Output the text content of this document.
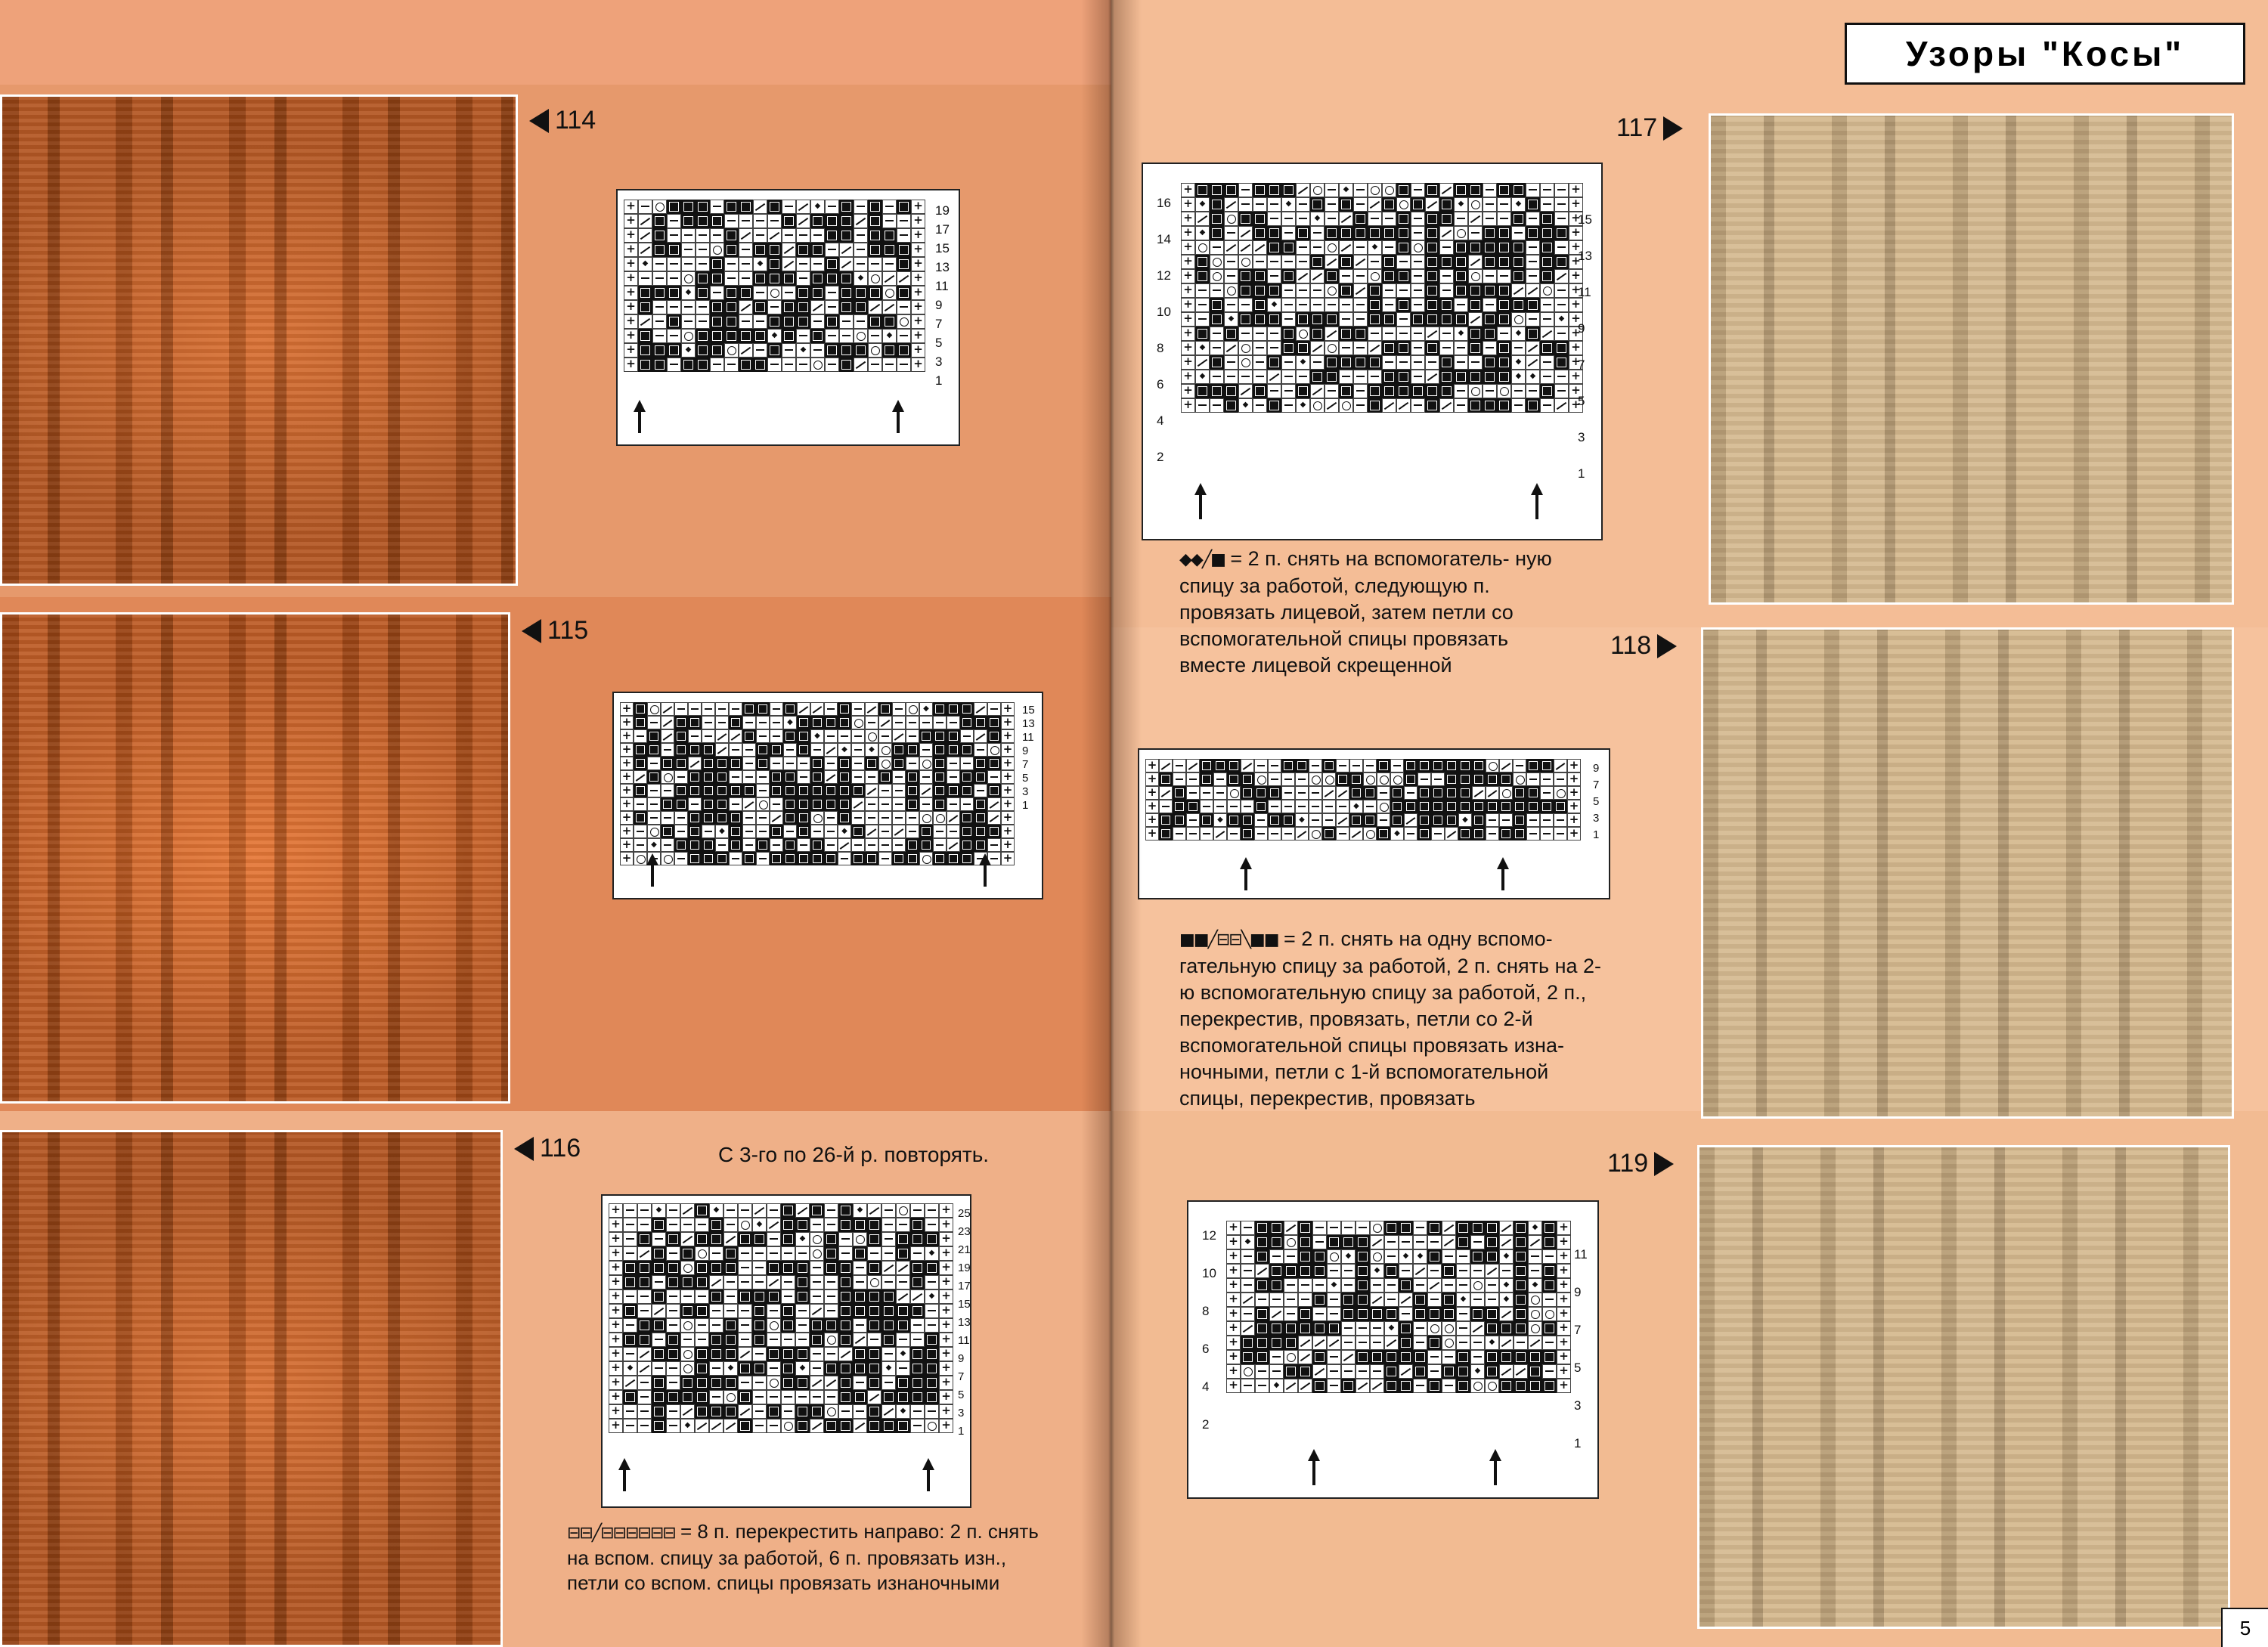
114
115
116	С 3-го по 26-й р. повторять.
+
◆
+
+
+
+
+
+
+
+
◆
◆
+
+
◆
+
+
◆
+
+
+
+
+
+
◆
◆
+
+
◆
◆
+
+
+
19
17
15
13
11
9
7
5
3
1
+
◆
+
+
◆
+
+
◆
+
+
◆
◆
+
+
+
+
+
+
+
+
+
+
+
+
◆
◆
+
+
◆
+
+
+
15
13
11
9
7
5
3
1
+
◆
◆
◆
+
+
◆
+
+
◆
+
+
◆
+
+
+
+
+
+
◆
+
+
+
+
+
+
+
+
◆
+
+
◆
◆
◆
◆
+
+
+
+
+
+
◆
+
+
◆
+
25
23
21
19
17
15
13
11
9
7
5
3
1
⊟⊟╱⊟⊟⊟⊟⊟⊟ = 8 п. перекрестить направо: 2 п. снять на вспом. спицу за работой, 6 п. провязать изн., петли со вспом. спицы провязать изнаночными
117
118
119
16
14
12
10
8
6
4
2
+
◆
+
+
◆
◆
◆
◆
+
+
◆
+
+
◆
+
+
◆
+
+
+
+
+
+
+
+
◆
+
+
◆
◆
+
+
◆
◆
+
+
◆
+
+
◆
◆
+
+
◆
◆
◆
+
+
+
+
◆
◆
+
15
13
11
9
7
5
3
1
◆◆╱■ = 2 п. снять на вспомогатель- ную спицу за работой, следующую п. провязать лицевой, затем петли со вспомогательной спицы провязать вместе лицевой скрещенной
+
+
+
+
+
+
+
◆
+
+
◆
◆
◆
+
+
◆
+
9
7
5
3
1
■■╱⊟⊟╲■■ = 2 п. снять на одну вспомо- гательную спицу за работой, 2 п. снять на 2-ю вспомогательную спицу за работой, 2 п., перекрестив, провязать, петли со 2-й вспомогательной спицы провязать изна- ночными, петли с 1-й вспомогательной спицы, перекрестив, провязать
12
10
8
6
4
2
+
◆
+
+
◆
+
+
◆
◆
◆
◆
+
+
◆
+
+
◆
◆
◆
+
+
◆
◆
+
+
+
+
◆
+
+
◆
+
+
+
+
◆
+
+
◆
+
11
9
7
5
3
1
Узоры "Косы"
5
